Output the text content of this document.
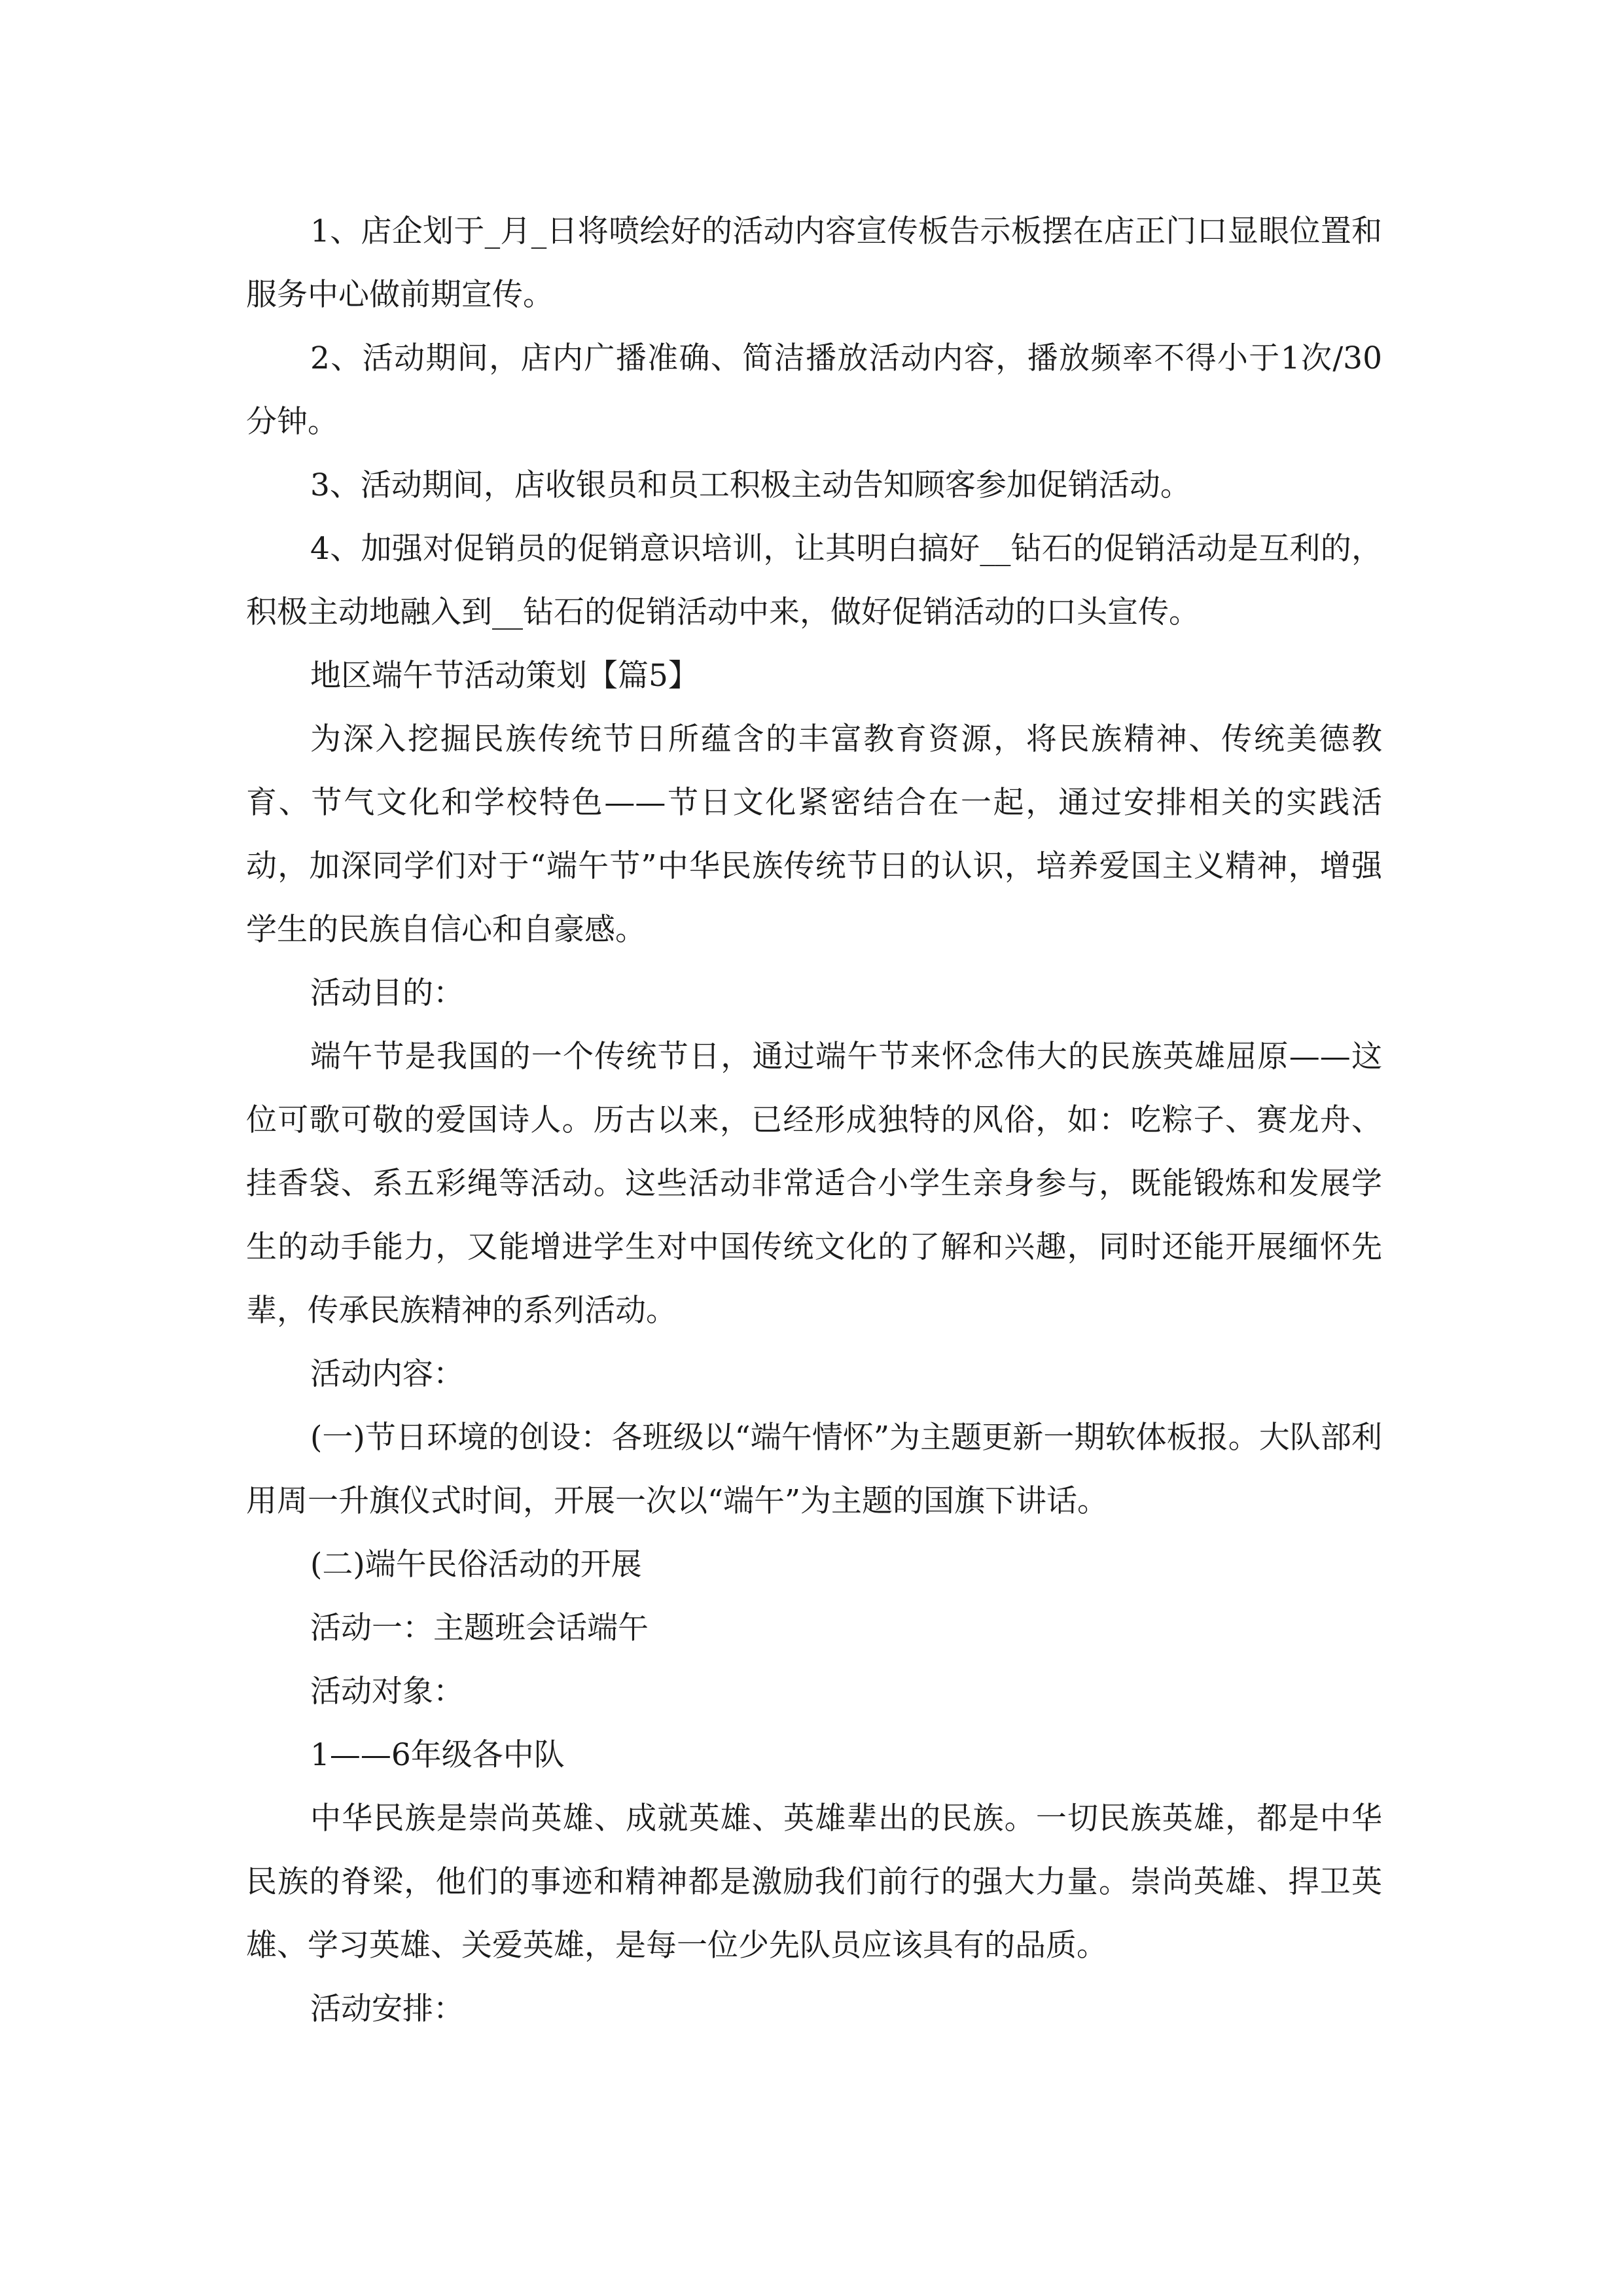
1、店企划于_月_日将喷绘好的活动内容宣传板告示板摆在店正门口显眼位置和服务中心做前期宣传。

2、活动期间，店内广播准确、简洁播放活动内容，播放频率不得小于1次/30分钟。

3、活动期间，店收银员和员工积极主动告知顾客参加促销活动。

4、加强对促销员的促销意识培训，让其明白搞好__钻石的促销活动是互利的，积极主动地融入到__钻石的促销活动中来，做好促销活动的口头宣传。

地区端午节活动策划【篇5】

为深入挖掘民族传统节日所蕴含的丰富教育资源，将民族精神、传统美德教育、节气文化和学校特色——节日文化紧密结合在一起，通过安排相关的实践活动，加深同学们对于“端午节”中华民族传统节日的认识，培养爱国主义精神，增强学生的民族自信心和自豪感。

活动目的：

端午节是我国的一个传统节日，通过端午节来怀念伟大的民族英雄屈原——这位可歌可敬的爱国诗人。历古以来，已经形成独特的风俗，如：吃粽子、赛龙舟、挂香袋、系五彩绳等活动。这些活动非常适合小学生亲身参与，既能锻炼和发展学生的动手能力，又能增进学生对中国传统文化的了解和兴趣，同时还能开展缅怀先辈，传承民族精神的系列活动。

活动内容：

(一)节日环境的创设：各班级以“端午情怀”为主题更新一期软体板报。大队部利用周一升旗仪式时间，开展一次以“端午”为主题的国旗下讲话。

(二)端午民俗活动的开展

活动一：主题班会话端午

活动对象：

1——6年级各中队

中华民族是崇尚英雄、成就英雄、英雄辈出的民族。一切民族英雄，都是中华民族的脊梁，他们的事迹和精神都是激励我们前行的强大力量。崇尚英雄、捍卫英雄、学习英雄、关爱英雄，是每一位少先队员应该具有的品质。

活动安排：
